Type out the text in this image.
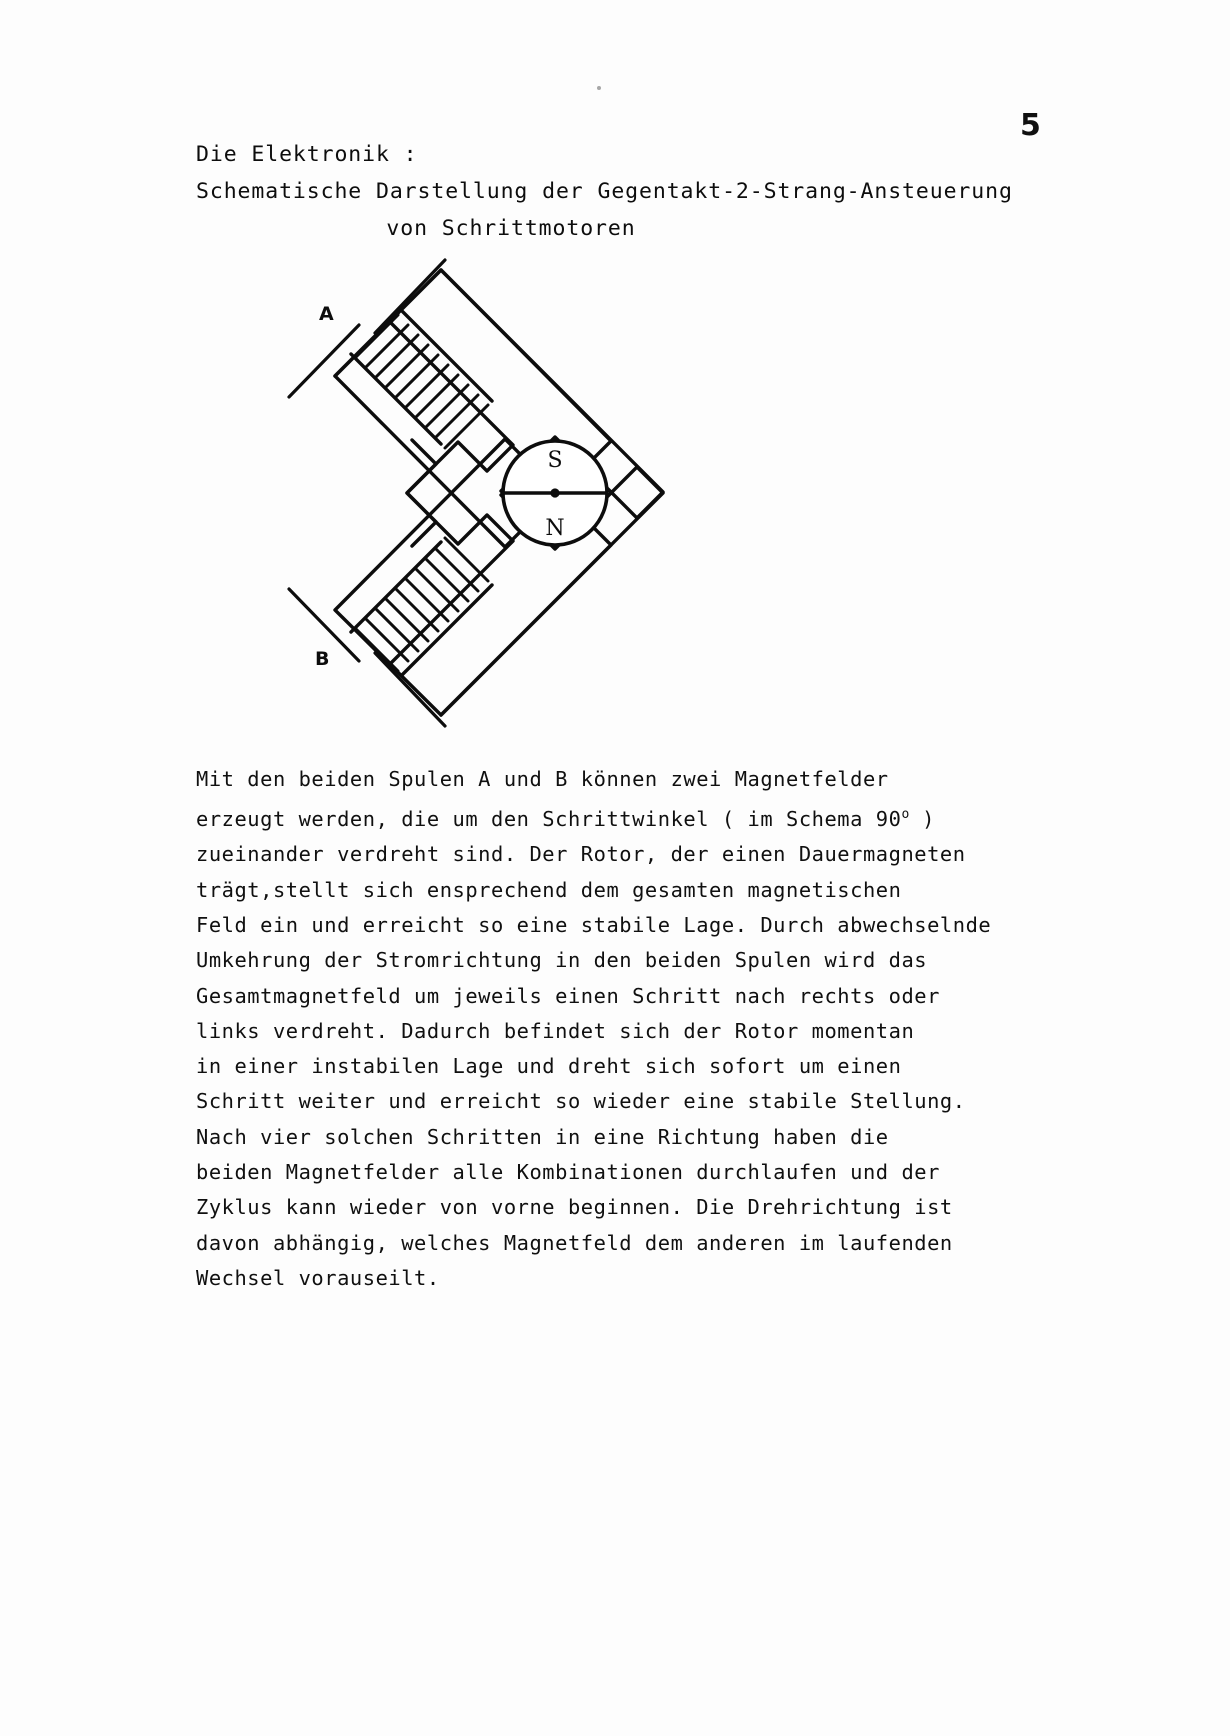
5
Die Elektronik :
Schematische Darstellung der Gegentakt-2-Strang-Ansteuerung
von Schrittmotoren
S
N
A
B
Mit den beiden Spulen A und B können zwei Magnetfelder
erzeugt werden, die um den Schrittwinkel ( im Schema 90$^o$ )
zueinander verdreht sind. Der Rotor, der einen Dauermagneten
trägt,stellt sich ensprechend dem gesamten magnetischen
Feld ein und erreicht so eine stabile Lage. Durch abwechselnde
Umkehrung der Stromrichtung in den beiden Spulen wird das
Gesamtmagnetfeld um jeweils einen Schritt nach rechts oder
links verdreht. Dadurch befindet sich der Rotor momentan
in einer instabilen Lage und dreht sich sofort um einen
Schritt weiter und erreicht so wieder eine stabile Stellung.
Nach vier solchen Schritten in eine Richtung haben die
beiden Magnetfelder alle Kombinationen durchlaufen und der
Zyklus kann wieder von vorne beginnen. Die Drehrichtung ist
davon abhängig, welches Magnetfeld dem anderen im laufenden
Wechsel vorauseilt.
